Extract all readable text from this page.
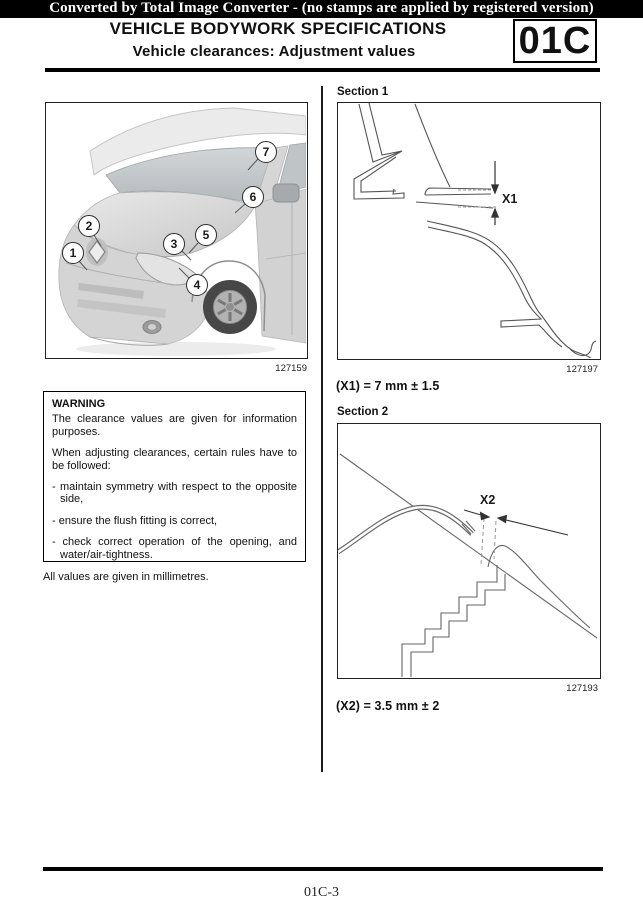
Converted by Total Image Converter - (no stamps are applied by registered version)
VEHICLE BODYWORK SPECIFICATIONS
Vehicle clearances: Adjustment values	01C
1
2
3
4
5
6
7
127159
WARNING

The clearance values are given for information purposes.

When adjusting clearances, certain rules have to be followed:

- maintain symmetry with respect to the opposite side,
- ensure the flush fitting is correct,
- check correct operation of the opening, and water/air-tightness.
All values are given in millimetres.
Section 1
X1
127197
(X1) = 7 mm ± 1.5
Section 2
X2
127193
(X2) = 3.5 mm ± 2
01C-3
